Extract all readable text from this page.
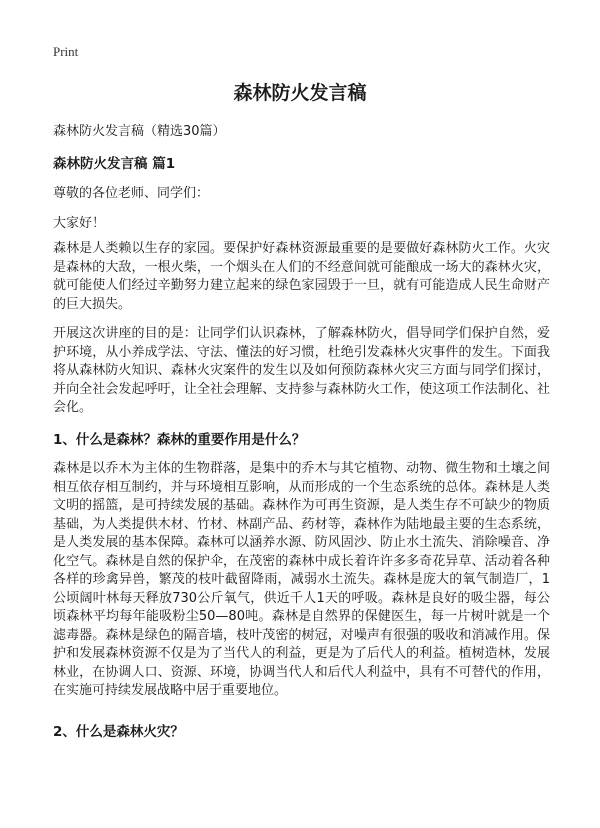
Print
森林防火发言稿
森林防火发言稿（精选30篇）
森林防火发言稿 篇1
尊敬的各位老师、同学们：
大家好！
森林是人类赖以生存的家园。要保护好森林资源最重要的是要做好森林防火工作。火灾是森林的大敌，一根火柴，一个烟头在人们的不经意间就可能酿成一场大的森林火灾，就可能使人们经过辛勤努力建立起来的绿色家园毁于一旦，就有可能造成人民生命财产的巨大损失。
开展这次讲座的目的是：让同学们认识森林，了解森林防火，倡导同学们保护自然，爱护环境，从小养成学法、守法、懂法的好习惯，杜绝引发森林火灾事件的发生。下面我将从森林防火知识、森林火灾案件的发生以及如何预防森林火灾三方面与同学们探讨，并向全社会发起呼吁，让全社会理解、支持参与森林防火工作，使这项工作法制化、社会化。
1、什么是森林？森林的重要作用是什么？
森林是以乔木为主体的生物群落，是集中的乔木与其它植物、动物、微生物和土壤之间相互依存相互制约，并与环境相互影响，从而形成的一个生态系统的总体。森林是人类文明的摇篮，是可持续发展的基础。森林作为可再生资源，是人类生存不可缺少的物质基础，为人类提供木材、竹材、林副产品、药材等，森林作为陆地最主要的生态系统，是人类发展的基本保障。森林可以涵养水源、防风固沙、防止水土流失、消除噪音、净化空气。森林是自然的保护伞，在茂密的森林中成长着许许多多奇花异草、活动着各种各样的珍禽异兽，繁茂的枝叶截留降雨，减弱水土流失。森林是庞大的氧气制造厂，1公顷阔叶林每天释放730公斤氧气，供近千人1天的呼吸。森林是良好的吸尘器，每公顷森林平均每年能吸粉尘50—80吨。森林是自然界的保健医生，每一片树叶就是一个滤毒器。森林是绿色的隔音墙，枝叶茂密的树冠，对噪声有很强的吸收和消减作用。保护和发展森林资源不仅是为了当代人的利益，更是为了后代人的利益。植树造林，发展林业，在协调人口、资源、环境，协调当代人和后代人利益中，具有不可替代的作用，在实施可持续发展战略中居于重要地位。
2、什么是森林火灾？
